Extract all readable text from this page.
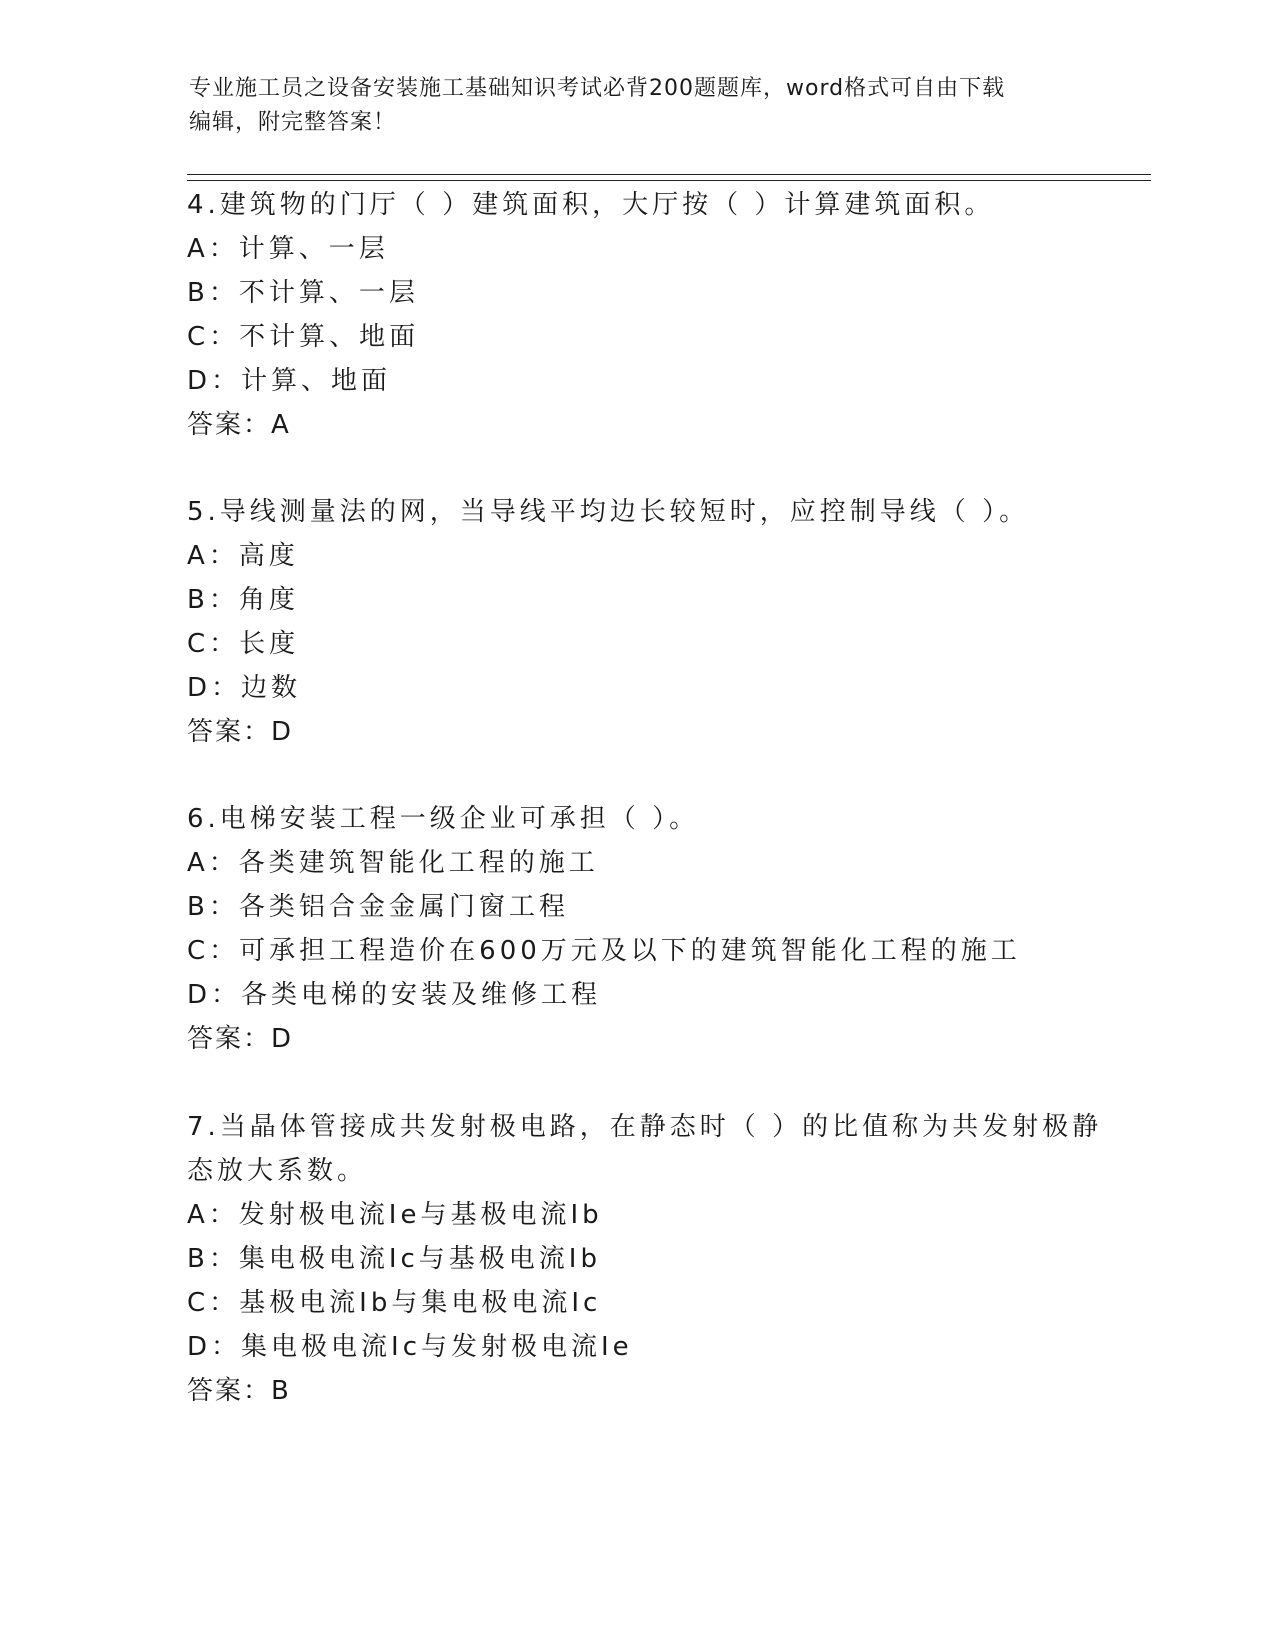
专业施工员之设备安装施工基础知识考试必背200题题库，word格式可自由下载
编辑，附完整答案！
4.建筑物的门厅（ ）建筑面积，大厅按（ ）计算建筑面积。
A：计算、一层
B：不计算、一层
C：不计算、地面
D：计算、地面
答案：A
5.导线测量法的网，当导线平均边长较短时，应控制导线（ ）。
A：高度
B：角度
C：长度
D：边数
答案：D
6.电梯安装工程一级企业可承担（ ）。
A：各类建筑智能化工程的施工
B：各类铝合金金属门窗工程
C：可承担工程造价在600万元及以下的建筑智能化工程的施工
D：各类电梯的安装及维修工程
答案：D
7.当晶体管接成共发射极电路，在静态时（ ）的比值称为共发射极静
态放大系数。
A：发射极电流Ie与基极电流Ib
B：集电极电流Ic与基极电流Ib
C：基极电流Ib与集电极电流Ic
D：集电极电流Ic与发射极电流Ie
答案：B
